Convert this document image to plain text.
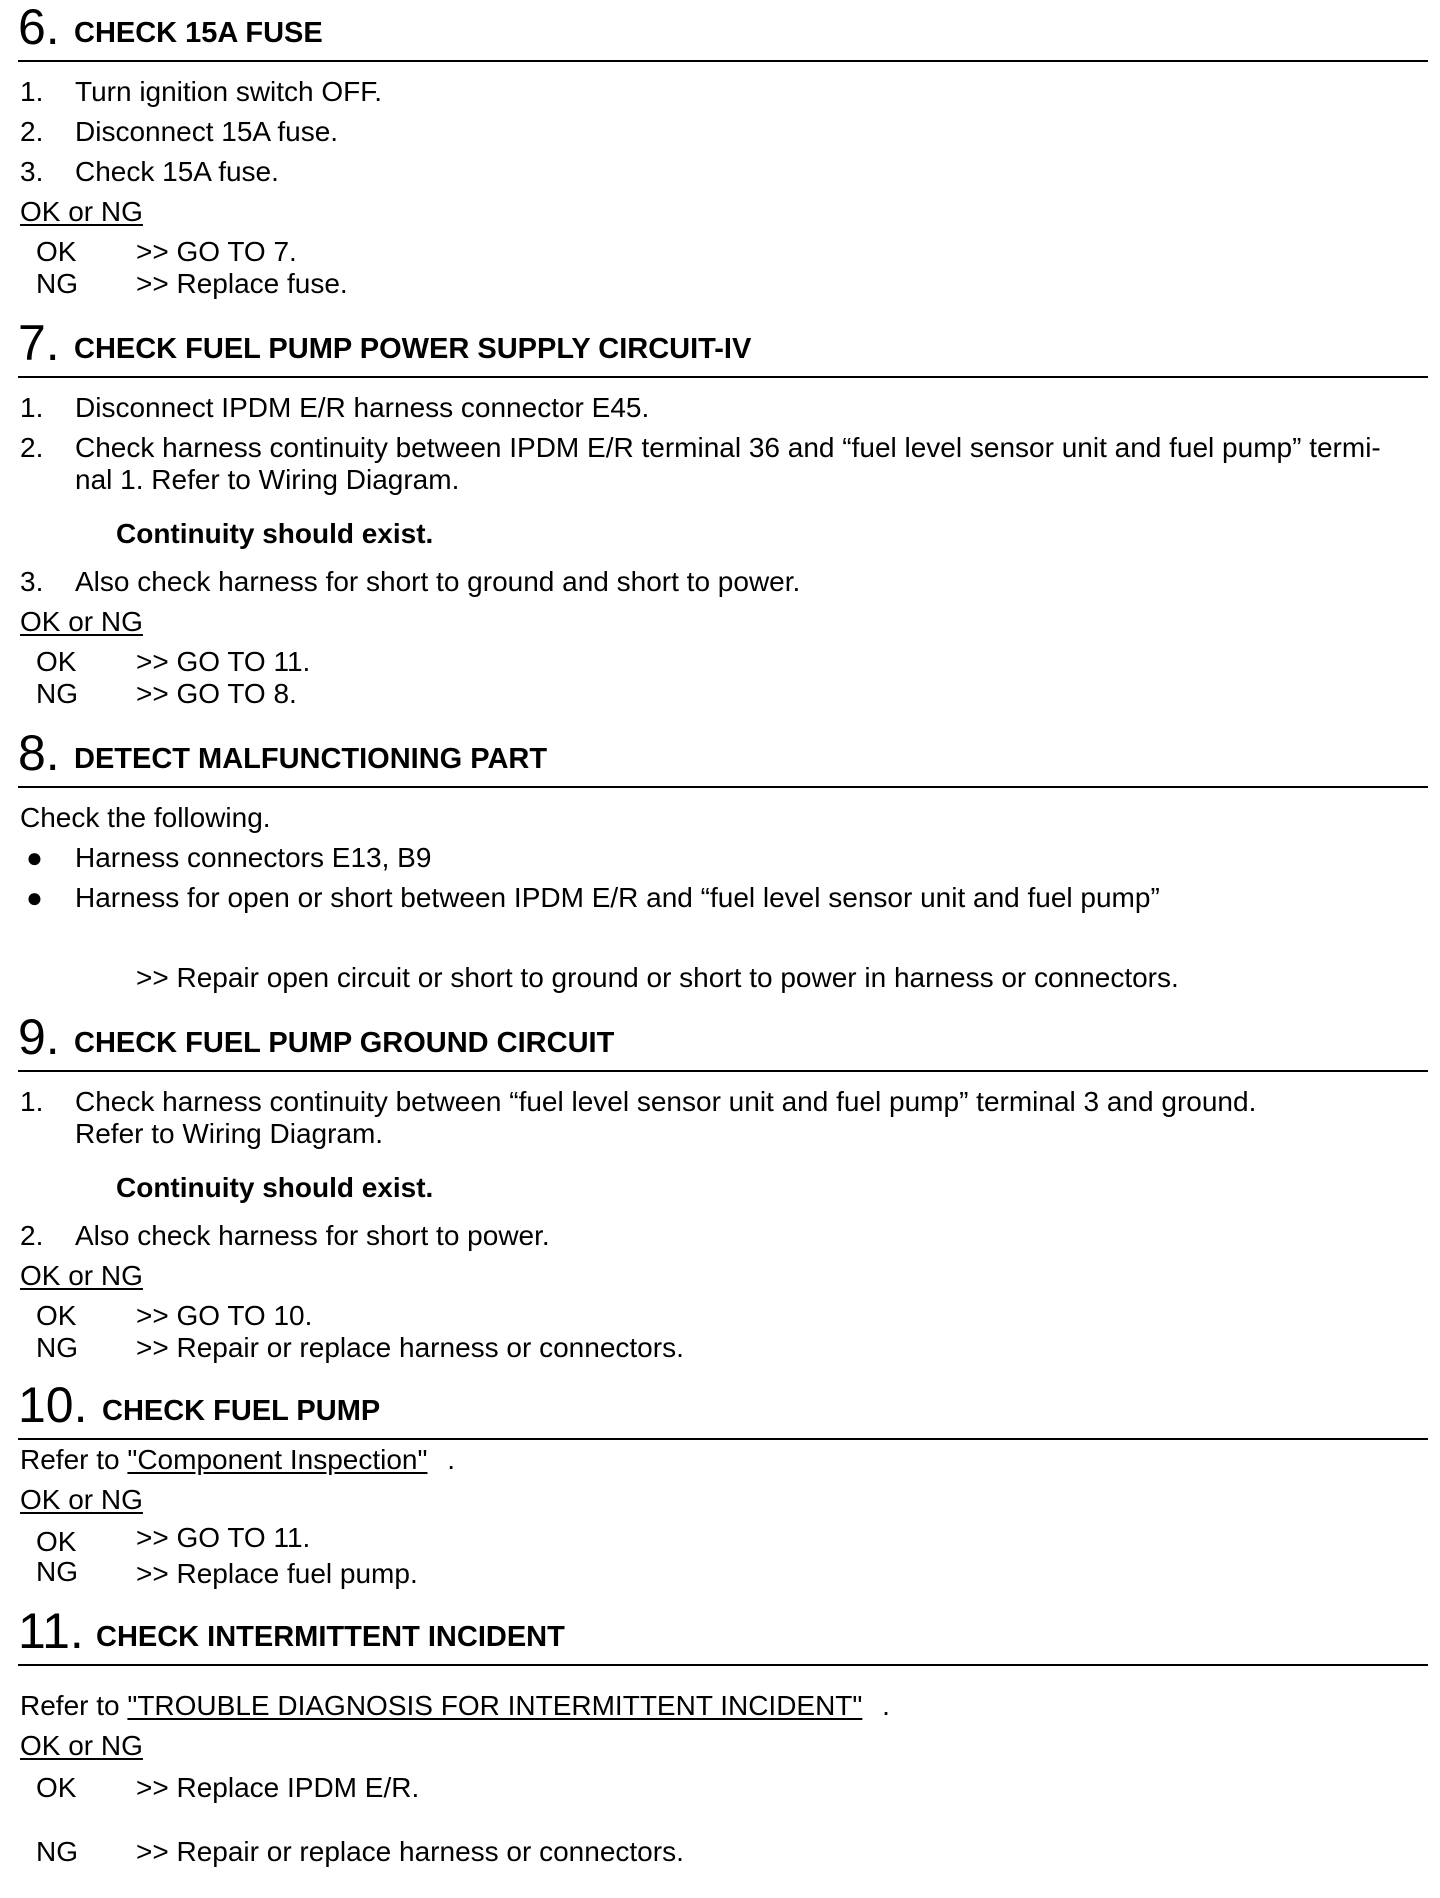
6. CHECK 15A FUSE
1. Turn ignition switch OFF.
2. Disconnect 15A fuse.
3. Check 15A fuse.
OK or NG
OK >> GO TO 7.
NG >> Replace fuse.
7. CHECK FUEL PUMP POWER SUPPLY CIRCUIT-IV
1. Disconnect IPDM E/R harness connector E45.
2. Check harness continuity between IPDM E/R terminal 36 and “fuel level sensor unit and fuel pump” termi-
nal 1. Refer to Wiring Diagram.
Continuity should exist.
3. Also check harness for short to ground and short to power.
OK or NG
OK >> GO TO 11.
NG >> GO TO 8.
8. DETECT MALFUNCTIONING PART
Check the following.
● Harness connectors E13, B9
● Harness for open or short between IPDM E/R and “fuel level sensor unit and fuel pump”
>> Repair open circuit or short to ground or short to power in harness or connectors.
9. CHECK FUEL PUMP GROUND CIRCUIT
1. Check harness continuity between “fuel level sensor unit and fuel pump” terminal 3 and ground.
Refer to Wiring Diagram.
Continuity should exist.
2. Also check harness for short to power.
OK or NG
OK >> GO TO 10.
NG >> Repair or replace harness or connectors.
10. CHECK FUEL PUMP
Refer to "Component Inspection" .
OK or NG
OK >> GO TO 11.
NG >> Replace fuel pump.
11. CHECK INTERMITTENT INCIDENT
Refer to "TROUBLE DIAGNOSIS FOR INTERMITTENT INCIDENT" .
OK or NG
OK >> Replace IPDM E/R.
NG >> Repair or replace harness or connectors.
